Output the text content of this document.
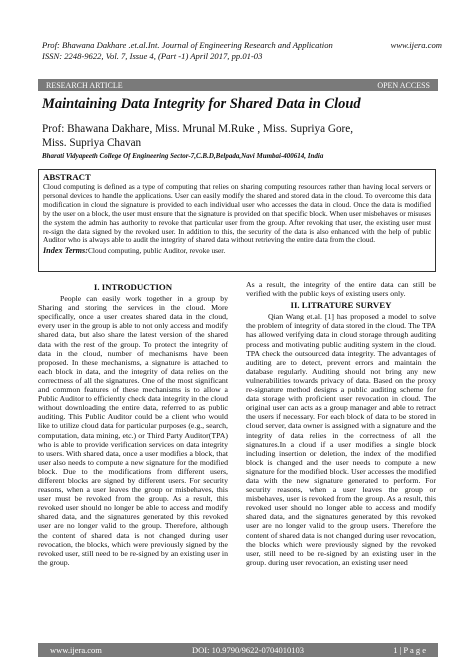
Prof: Bhawana Dakhare .et.al.Int. Journal of Engineering Research and Application	www.ijera.com
ISSN: 2248-9622, Vol. 7, Issue 4, (Part -1) April 2017, pp.01-03
RESEARCH ARTICLE	OPEN ACCESS
Maintaining Data Integrity for Shared Data in Cloud
Prof: Bhawana Dakhare, Miss. Mrunal M.Ruke , Miss. Supriya Gore,
Miss. Supriya Chavan
Bharati Vidyapeeth College Of Engineering Sector-7,C.B.D,Belpada,Navi Mumbai-400614, India
ABSTRACT
Cloud computing is defined as a type of computing that relies on sharing computing resources rather than having local servers or personal devices to handle the applications. User can easily modify the shared and stored data in the cloud. To overcome this data modification in cloud the signature is provided to each individual user who accesses the data in cloud. Once the data is modified by the user on a block, the user must ensure that the signature is provided on that specific block. When user misbehaves or misuses the system the admin has authority to revoke that particular user from the group. After revoking that user, the existing user must re-sign the data signed by the revoked user. In addition to this, the security of the data is also enhanced with the help of public Auditor who is always able to audit the integrity of shared data without retrieving the entire data from the cloud.
Index Terms:Cloud computing, public Auditor, revoke user.
I. INTRODUCTION

People can easily work together in a group by Sharing and storing the services in the cloud. More specifically, once a user creates shared data in the cloud, every user in the group is able to not only access and modify shared data, but also share the latest version of the shared data with the rest of the group. To protect the integrity of data in the cloud, number of mechanisms have been proposed. In these mechanisms, a signature is attached to each block in data, and the integrity of data relies on the correctness of all the signatures. One of the most significant and common features of these mechanisms is to allow a Public Auditor to efficiently check data integrity in the cloud without downloading the entire data, referred to as public auditing. This Public Auditor could be a client who would like to utilize cloud data for particular purposes (e.g., search, computation, data mining, etc.) or Third Party Auditor(TPA) who is able to provide verification services on data integrity to users. With shared data, once a user modifies a block, that user also needs to compute a new signature for the modified block. Due to the modifications from different users, different blocks are signed by different users. For security reasons, when a user leaves the group or misbehaves, this user must be revoked from the group. As a result, this revoked user should no longer be able to access and modify shared data, and the signatures generated by this revoked user are no longer valid to the group. Therefore, although the content of shared data is not changed during user revocation, the blocks, which were previously signed by the revoked user, still need to be re-signed by an existing user in the group.

As a result, the integrity of the entire data can still be verified with the public keys of existing users only.

II. LITRATURE SURVEY

Qian Wang et.al. [1] has proposed a model to solve the problem of integrity of data stored in the cloud. The TPA has allowed verifying data in cloud storage through auditing process and motivating public auditing system in the cloud. TPA check the outsourced data integrity. The advantages of auditing are to detect, prevent errors and maintain the database regularly. Auditing should not bring any new vulnerabilities towards privacy of data. Based on the proxy re-signature method designs a public auditing scheme for data storage with proficient user revocation in cloud. The original user can acts as a group manager and able to retract the users if necessary. For each block of data to be stored in cloud server, data owner is assigned with a signature and the integrity of data relies in the correctness of all the signatures.In a cloud if a user modifies a single block including insertion or deletion, the index of the modified block is changed and the user needs to compute a new signature for the modified block. User accesses the modified data with the new signature generated to perform. For security reasons, when a user leaves the group or misbehaves, user is revoked from the group. As a result, this revoked user should no longer able to access and modify shared data, and the signatures generated by this revoked user are no longer valid to the group users. Therefore the content of shared data is not changed during user revocation, the blocks which were previously signed by the revoked user, still need to be re-signed by an existing user in the group. during user revocation, an existing user need

www.ijera.com	DOI: 10.9790/9622-0704010103	1 | P a g e
